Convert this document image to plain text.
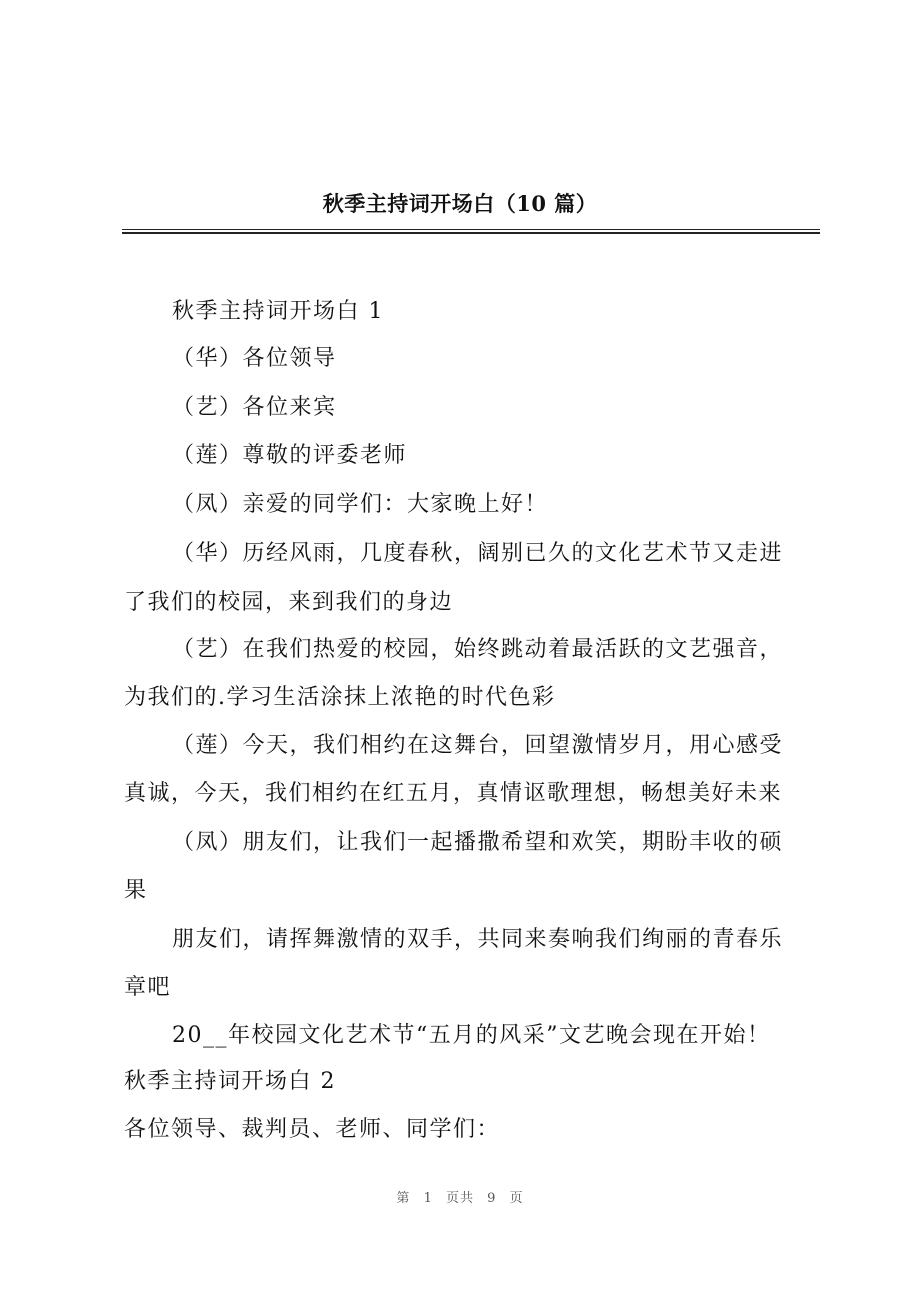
秋季主持词开场白（10 篇）

秋季主持词开场白 1

（华）各位领导

（艺）各位来宾

（莲）尊敬的评委老师

（凤）亲爱的同学们：大家晚上好！

（华）历经风雨，几度春秋，阔别已久的文化艺术节又走进

了我们的校园，来到我们的身边

（艺）在我们热爱的校园，始终跳动着最活跃的文艺强音，

为我们的.学习生活涂抹上浓艳的时代色彩

（莲）今天，我们相约在这舞台，回望激情岁月，用心感受

真诚，今天，我们相约在红五月，真情讴歌理想，畅想美好未来

（凤）朋友们，让我们一起播撒希望和欢笑，期盼丰收的硕

果

朋友们，请挥舞激情的双手，共同来奏响我们绚丽的青春乐

章吧

20__年校园文化艺术节“五月的风采”文艺晚会现在开始！

秋季主持词开场白 2

各位领导、裁判员、老师、同学们：

第 1 页共 9 页
